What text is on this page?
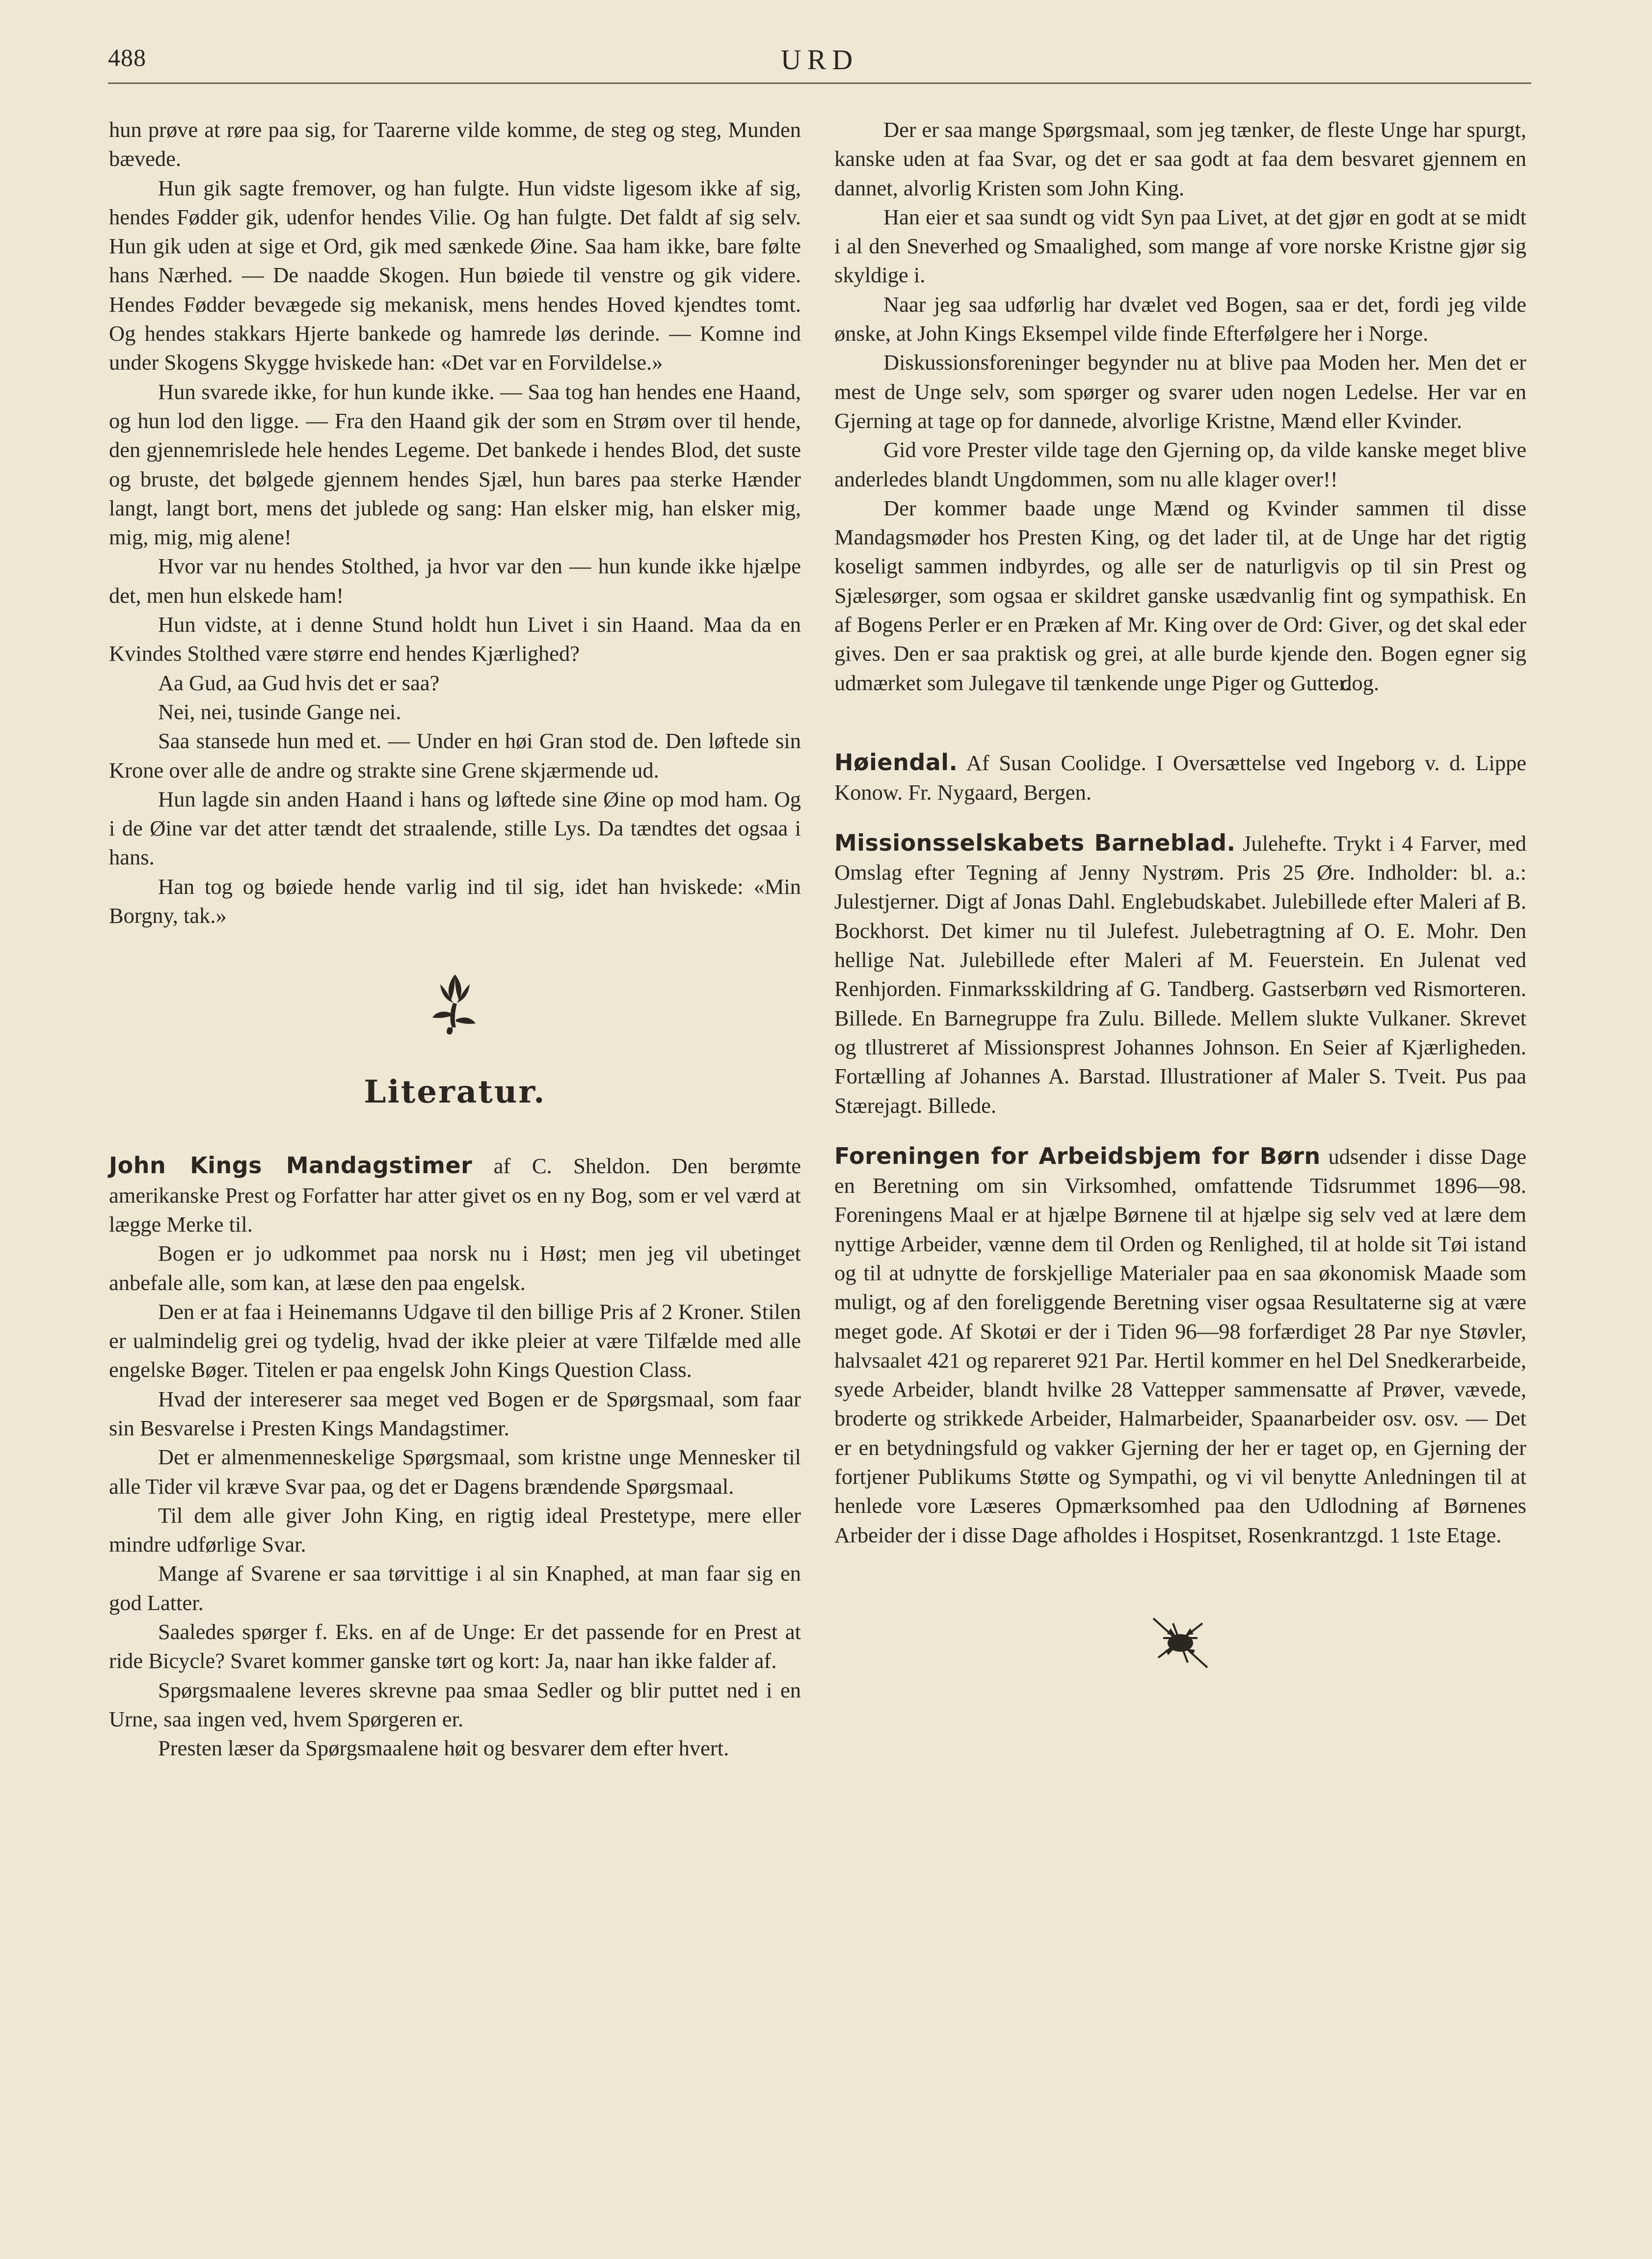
488	URD

hun prøve at røre paa sig, for Taarerne vilde komme, de steg og steg, Munden bævede.

Hun gik sagte fremover, og han fulgte. Hun vidste ligesom ikke af sig, hendes Fødder gik, udenfor hendes Vilie. Og han fulgte. Det faldt af sig selv. Hun gik uden at sige et Ord, gik med sænkede Øine. Saa ham ikke, bare følte hans Nærhed. — De naadde Skogen. Hun bøiede til venstre og gik videre. Hendes Fødder bevægede sig mekanisk, mens hendes Hoved kjendtes tomt. Og hendes stakkars Hjerte bankede og hamrede løs derinde. — Komne ind under Skogens Skygge hviskede han: «Det var en Forvildelse.»

Hun svarede ikke, for hun kunde ikke. — Saa tog han hendes ene Haand, og hun lod den ligge. — Fra den Haand gik der som en Strøm over til hende, den gjennemrislede hele hendes Legeme. Det bankede i hendes Blod, det suste og bruste, det bølgede gjennem hendes Sjæl, hun bares paa sterke Hænder langt, langt bort, mens det jublede og sang: Han elsker mig, han elsker mig, mig, mig, mig alene!

Hvor var nu hendes Stolthed, ja hvor var den — hun kunde ikke hjælpe det, men hun elskede ham!

Hun vidste, at i denne Stund holdt hun Livet i sin Haand. Maa da en Kvindes Stolthed være større end hendes Kjærlighed?

Aa Gud, aa Gud hvis det er saa?

Nei, nei, tusinde Gange nei.

Saa stansede hun med et. — Under en høi Gran stod de. Den løftede sin Krone over alle de andre og strakte sine Grene skjærmende ud.

Hun lagde sin anden Haand i hans og løftede sine Øine op mod ham. Og i de Øine var det atter tændt det straalende, stille Lys. Da tændtes det ogsaa i hans.

Han tog og bøiede hende varlig ind til sig, idet han hviskede: «Min Borgny, tak.»

Literatur.

John Kings Mandagstimer af C. Sheldon. Den berømte amerikanske Prest og Forfatter har atter givet os en ny Bog, som er vel værd at lægge Merke til.

Bogen er jo udkommet paa norsk nu i Høst; men jeg vil ubetinget anbefale alle, som kan, at læse den paa engelsk.

Den er at faa i Heinemanns Udgave til den billige Pris af 2 Kroner. Stilen er ualmindelig grei og tydelig, hvad der ikke pleier at være Tilfælde med alle engelske Bøger. Titelen er paa engelsk John Kings Question Class.

Hvad der intereserer saa meget ved Bogen er de Spørgsmaal, som faar sin Besvarelse i Presten Kings Mandagstimer.

Det er almenmenneskelige Spørgsmaal, som kristne unge Mennesker til alle Tider vil kræve Svar paa, og det er Dagens brændende Spørgsmaal.

Til dem alle giver John King, en rigtig ideal Prestetype, mere eller mindre udførlige Svar.

Mange af Svarene er saa tørvittige i al sin Knaphed, at man faar sig en god Latter.

Saaledes spørger f. Eks. en af de Unge: Er det passende for en Prest at ride Bicycle? Svaret kommer ganske tørt og kort: Ja, naar han ikke falder af.

Spørgsmaalene leveres skrevne paa smaa Sedler og blir puttet ned i en Urne, saa ingen ved, hvem Spørgeren er.

Presten læser da Spørgsmaalene høit og besvarer dem efter hvert.

Der er saa mange Spørgsmaal, som jeg tænker, de fleste Unge har spurgt, kanske uden at faa Svar, og det er saa godt at faa dem besvaret gjennem en dannet, alvorlig Kristen som John King.

Han eier et saa sundt og vidt Syn paa Livet, at det gjør en godt at se midt i al den Sneverhed og Smaalighed, som mange af vore norske Kristne gjør sig skyldige i.

Naar jeg saa udførlig har dvælet ved Bogen, saa er det, fordi jeg vilde ønske, at John Kings Eksempel vilde finde Efterfølgere her i Norge.

Diskussionsforeninger begynder nu at blive paa Moden her. Men det er mest de Unge selv, som spørger og svarer uden nogen Ledelse. Her var en Gjerning at tage op for dannede, alvorlige Kristne, Mænd eller Kvinder.

Gid vore Prester vilde tage den Gjerning op, da vilde kanske meget blive anderledes blandt Ungdommen, som nu alle klager over!!

Der kommer baade unge Mænd og Kvinder sammen til disse Mandagsmøder hos Presten King, og det lader til, at de Unge har det rigtig koseligt sammen indbyrdes, og alle ser de naturligvis op til sin Prest og Sjælesørger, som ogsaa er skildret ganske usædvanlig fint og sympathisk. En af Bogens Perler er en Præken af Mr. King over de Ord: Giver, og det skal eder gives. Den er saa praktisk og grei, at alle burde kjende den. Bogen egner sig udmærket som Julegave til tænkende unge Piger og Gutter.

dog.

Høiendal. Af Susan Coolidge. I Oversættelse ved Ingeborg v. d. Lippe Konow. Fr. Nygaard, Bergen.

Missionsselskabets Barneblad. Julehefte. Trykt i 4 Farver, med Omslag efter Tegning af Jenny Nystrøm. Pris 25 Øre. Indholder: bl. a.: Julestjerner. Digt af Jonas Dahl. Englebudskabet. Julebillede efter Maleri af B. Bockhorst. Det kimer nu til Julefest. Julebetragtning af O. E. Mohr. Den hellige Nat. Julebillede efter Maleri af M. Feuerstein. En Julenat ved Renhjorden. Finmarksskildring af G. Tandberg. Gastserbørn ved Rismorteren. Billede. En Barnegruppe fra Zulu. Billede. Mellem slukte Vulkaner. Skrevet og tllustreret af Missionsprest Johannes Johnson. En Seier af Kjærligheden. Fortælling af Johannes A. Barstad. Illustrationer af Maler S. Tveit. Pus paa Stærejagt. Billede.

Foreningen for Arbeidsbjem for Børn udsender i disse Dage en Beretning om sin Virksomhed, omfattende Tidsrummet 1896—98. Foreningens Maal er at hjælpe Børnene til at hjælpe sig selv ved at lære dem nyttige Arbeider, vænne dem til Orden og Renlighed, til at holde sit Tøi istand og til at udnytte de forskjellige Materialer paa en saa økonomisk Maade som muligt, og af den foreliggende Beretning viser ogsaa Resultaterne sig at være meget gode. Af Skotøi er der i Tiden 96—98 forfærdiget 28 Par nye Støvler, halvsaalet 421 og repareret 921 Par. Hertil kommer en hel Del Snedkerarbeide, syede Arbeider, blandt hvilke 28 Vattepper sammensatte af Prøver, vævede, broderte og strikkede Arbeider, Halmarbeider, Spaanarbeider osv. osv. — Det er en betydningsfuld og vakker Gjerning der her er taget op, en Gjerning der fortjener Publikums Støtte og Sympathi, og vi vil benytte Anledningen til at henlede vore Læseres Opmærksomhed paa den Udlodning af Børnenes Arbeider der i disse Dage afholdes i Hospitset, Rosenkrantzgd. 1 1ste Etage.
